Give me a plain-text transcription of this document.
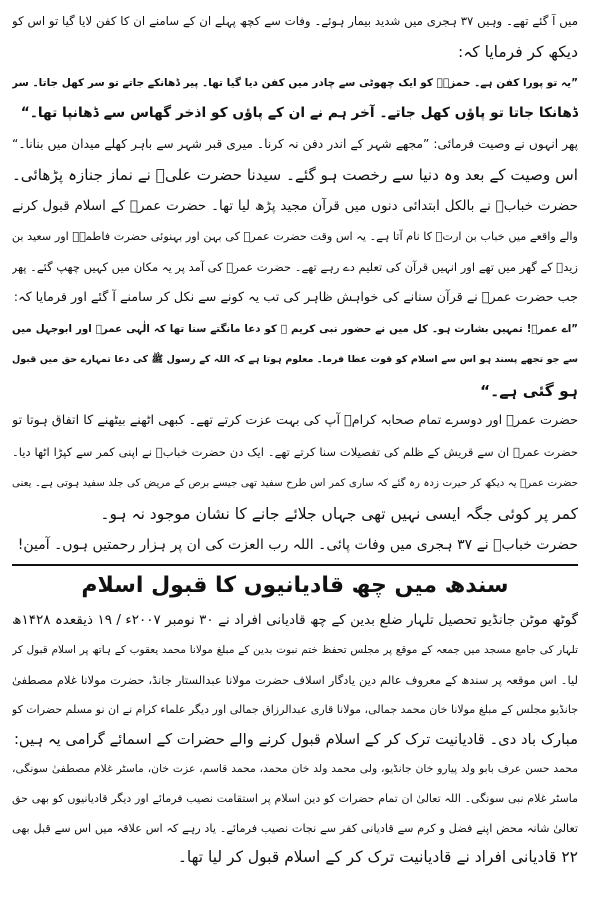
میں آ گئے تھے۔ وہیں ۳۷ ہجری میں شدید بیمار ہوئے۔ وفات سے کچھ پہلے ان کے سامنے ان کا کفن لایا گیا تو اس کو
دیکھ کر فرمایا کہ:
”یہ تو پورا کفن ہے۔ حمزہؓ کو ایک چھوٹی سے چادر میں کفن دیا گیا تھا۔ پیر ڈھانکے جاتے تو سر کھل جاتا۔ سر
ڈھانکا جاتا تو پاؤں کھل جاتے۔ آخر ہم نے ان کے پاؤں کو اذخر گھاس سے ڈھانپا تھا۔“
پھر انہوں نے وصیت فرمائی: ”مجھے شہر کے اندر دفن نہ کرنا۔ میری قبر شہر سے باہر کھلے میدان میں بنانا۔“
اس وصیت کے بعد وہ دنیا سے رخصت ہو گئے۔ سیدنا حضرت علیؓ نے نماز جنازہ پڑھائی۔
حضرت خبابؓ نے بالکل ابتدائی دنوں میں قرآن مجید پڑھ لیا تھا۔ حضرت عمرؓ کے اسلام قبول کرنے
والے واقعے میں خباب بن ارتؓ کا نام آتا ہے۔ یہ اس وقت حضرت عمرؓ کی بہن اور بہنوئی حضرت فاطمہؓ اور سعید بن
زیدؓ کے گھر میں تھے اور انہیں قرآن کی تعلیم دے رہے تھے۔ حضرت عمرؓ کی آمد پر یہ مکان میں کہیں چھپ گئے۔ پھر
جب حضرت عمرؓ نے قرآن سنانے کی خواہش ظاہر کی تب یہ کونے سے نکل کر سامنے آ گئے اور فرمایا کہ:
”اے عمرؓ! تمہیں بشارت ہو۔ کل میں نے حضور نبی کریم ﷺ کو دعا مانگتے سنا تھا کہ الٰہی عمرؓ اور ابوجہل میں
سے جو تجھے پسند ہو اس سے اسلام کو قوت عطا فرما۔ معلوم ہوتا ہے کہ اللہ کے رسول ﷺ کی دعا تمہارے حق میں قبول
ہو گئی ہے۔“
حضرت عمرؓ اور دوسرے تمام صحابہ کرامؓ آپ کی بہت عزت کرتے تھے۔ کبھی اٹھنے بیٹھنے کا اتفاق ہوتا تو
حضرت عمرؓ ان سے قریش کے ظلم کی تفصیلات سنا کرتے تھے۔ ایک دن حضرت خبابؓ نے اپنی کمر سے کپڑا اٹھا دیا۔
حضرت عمرؓ یہ دیکھ کر حیرت زدہ رہ گئے کہ ساری کمر اس طرح سفید تھی جیسے برص کے مریض کی جلد سفید ہوتی ہے۔ یعنی
کمر پر کوئی جگہ ایسی نہیں تھی جہاں جلائے جانے کا نشان موجود نہ ہو۔
حضرت خبابؓ نے ۳۷ ہجری میں وفات پائی۔ اللہ رب العزت کی ان پر ہزار رحمتیں ہوں۔ آمین!
سندھ میں چھ قادیانیوں کا قبول اسلام
گوٹھ موٹن جانڈیو تحصیل تلہار ضلع بدین کے چھ قادیانی افراد نے ۳۰ نومبر ۲۰۰۷ء / ۱۹ ذیقعدہ ۱۴۲۸ھ
تلہار کی جامع مسجد میں جمعہ کے موقع پر مجلس تحفظ ختم نبوت بدین کے مبلغ مولانا محمد یعقوب کے ہاتھ پر اسلام قبول کر
لیا۔ اس موقعہ پر سندھ کے معروف عالم دین یادگار اسلاف حضرت مولانا عبدالستار جانڈ، حضرت مولانا غلام مصطفیٰ
جانڈیو مجلس کے مبلغ مولانا خان محمد جمالی، مولانا قاری عبدالرزاق جمالی اور دیگر علماء کرام نے ان نو مسلم حضرات کو
مبارک باد دی۔ قادیانیت ترک کر کے اسلام قبول کرنے والے حضرات کے اسمائے گرامی یہ ہیں:
محمد حسن عرف بابو ولد پیارو خان جانڈیو، ولی محمد ولد خان محمد، محمد قاسم، عزت خان، ماسٹر غلام مصطفیٰ سونگی،
ماسٹر غلام نبی سونگی۔ اللہ تعالیٰ ان تمام حضرات کو دین اسلام پر استقامت نصیب فرمائے اور دیگر قادیانیوں کو بھی حق
تعالیٰ شانہ محض اپنے فضل و کرم سے قادیانی کفر سے نجات نصیب فرمائے۔ یاد رہے کہ اس علاقہ میں اس سے قبل بھی
۲۲ قادیانی افراد نے قادیانیت ترک کر کے اسلام قبول کر لیا تھا۔
